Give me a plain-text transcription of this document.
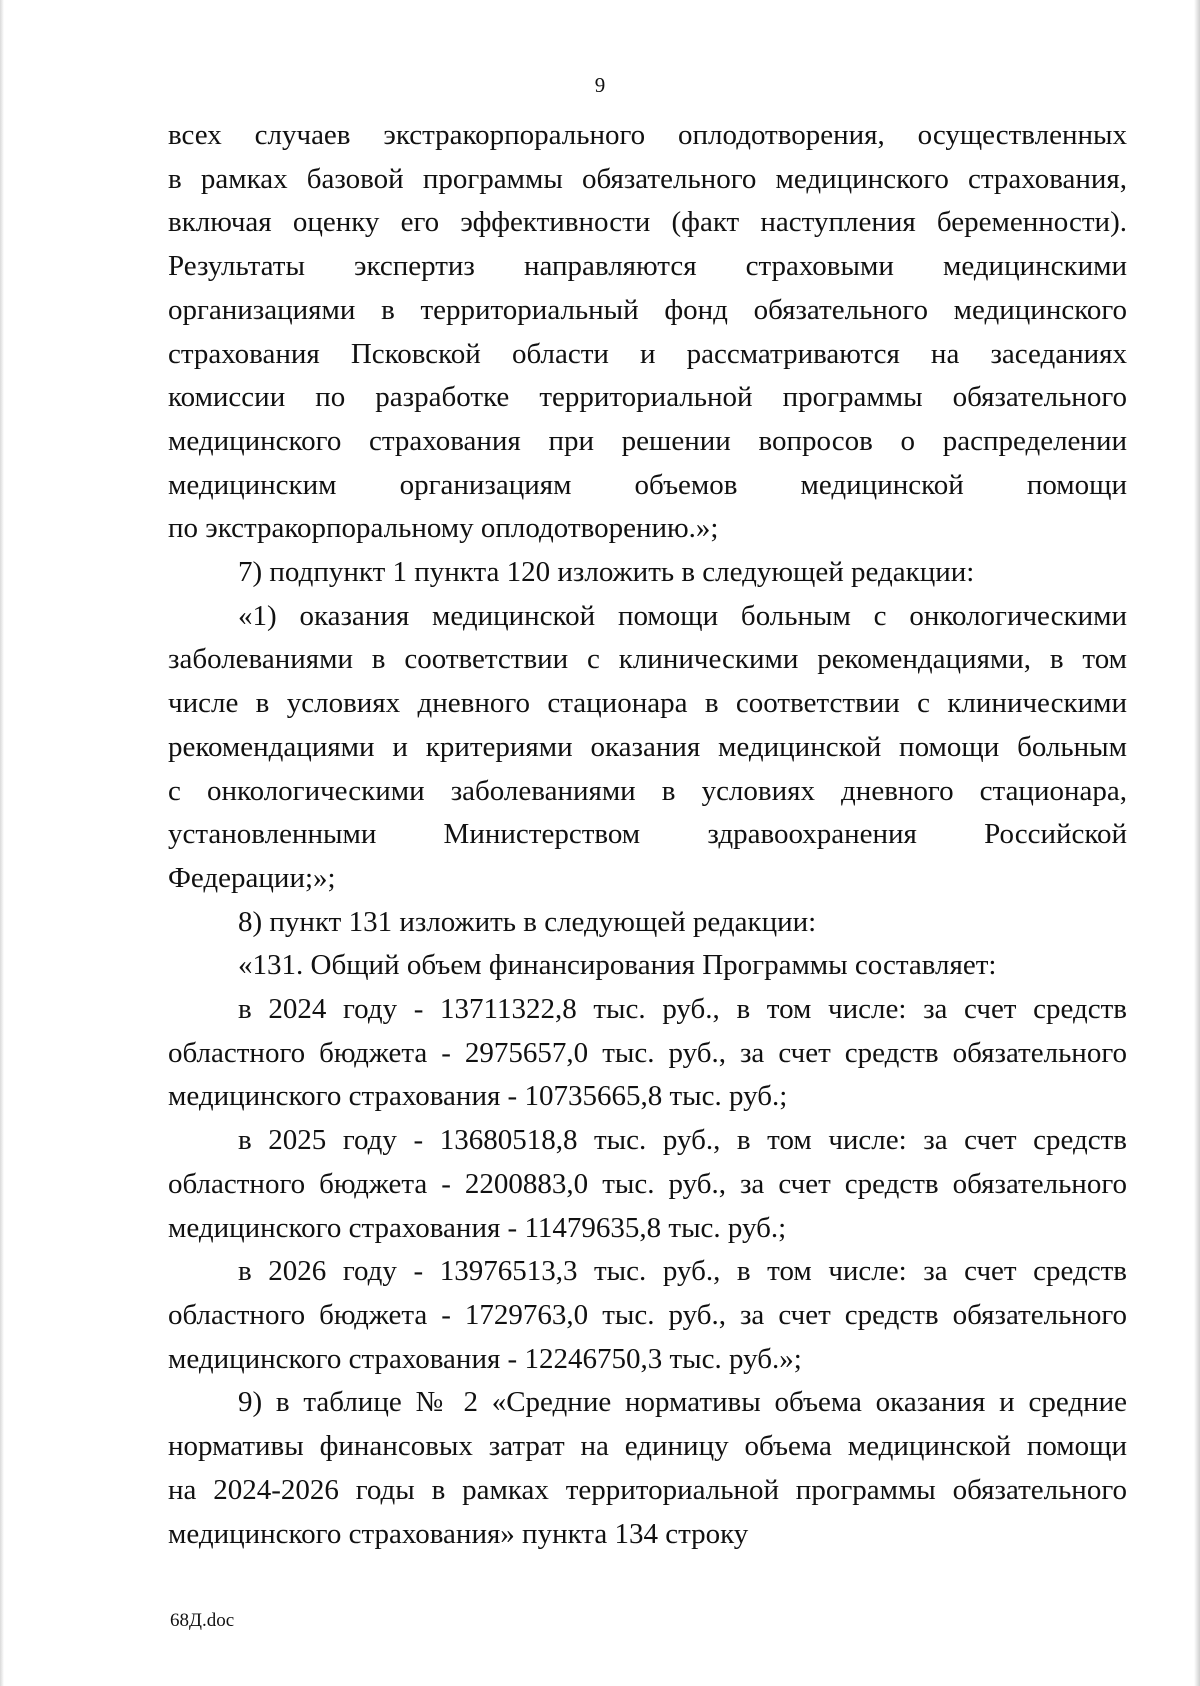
9

всех случаев экстракорпорального оплодотворения, осуществленных
в рамках базовой программы обязательного медицинского страхования,
включая оценку его эффективности (факт наступления беременности).
Результаты экспертиз направляются страховыми медицинскими
организациями в территориальный фонд обязательного медицинского
страхования Псковской области и рассматриваются на заседаниях
комиссии по разработке территориальной программы обязательного
медицинского страхования при решении вопросов о распределении
медицинским организациям объемов медицинской помощи
по экстракорпоральному оплодотворению.»;

7) подпункт 1 пункта 120 изложить в следующей редакции:

«1) оказания медицинской помощи больным с онкологическими
заболеваниями в соответствии с клиническими рекомендациями, в том
числе в условиях дневного стационара в соответствии с клиническими
рекомендациями и критериями оказания медицинской помощи больным
с онкологическими заболеваниями в условиях дневного стационара,
установленными Министерством здравоохранения Российской
Федерации;»;

8) пункт 131 изложить в следующей редакции:

«131. Общий объем финансирования Программы составляет:

в 2024 году - 13711322,8 тыс. руб., в том числе: за счет средств
областного бюджета - 2975657,0 тыс. руб., за счет средств обязательного
медицинского страхования - 10735665,8 тыс. руб.;

в 2025 году - 13680518,8 тыс. руб., в том числе: за счет средств
областного бюджета - 2200883,0 тыс. руб., за счет средств обязательного
медицинского страхования - 11479635,8 тыс. руб.;

в 2026 году - 13976513,3 тыс. руб., в том числе: за счет средств
областного бюджета - 1729763,0 тыс. руб., за счет средств обязательного
медицинского страхования - 12246750,3 тыс. руб.»;

9) в таблице № 2 «Средние нормативы объема оказания и средние
нормативы финансовых затрат на единицу объема медицинской помощи
на 2024-2026 годы в рамках территориальной программы обязательного
медицинского страхования» пункта 134 строку

68Д.doc
